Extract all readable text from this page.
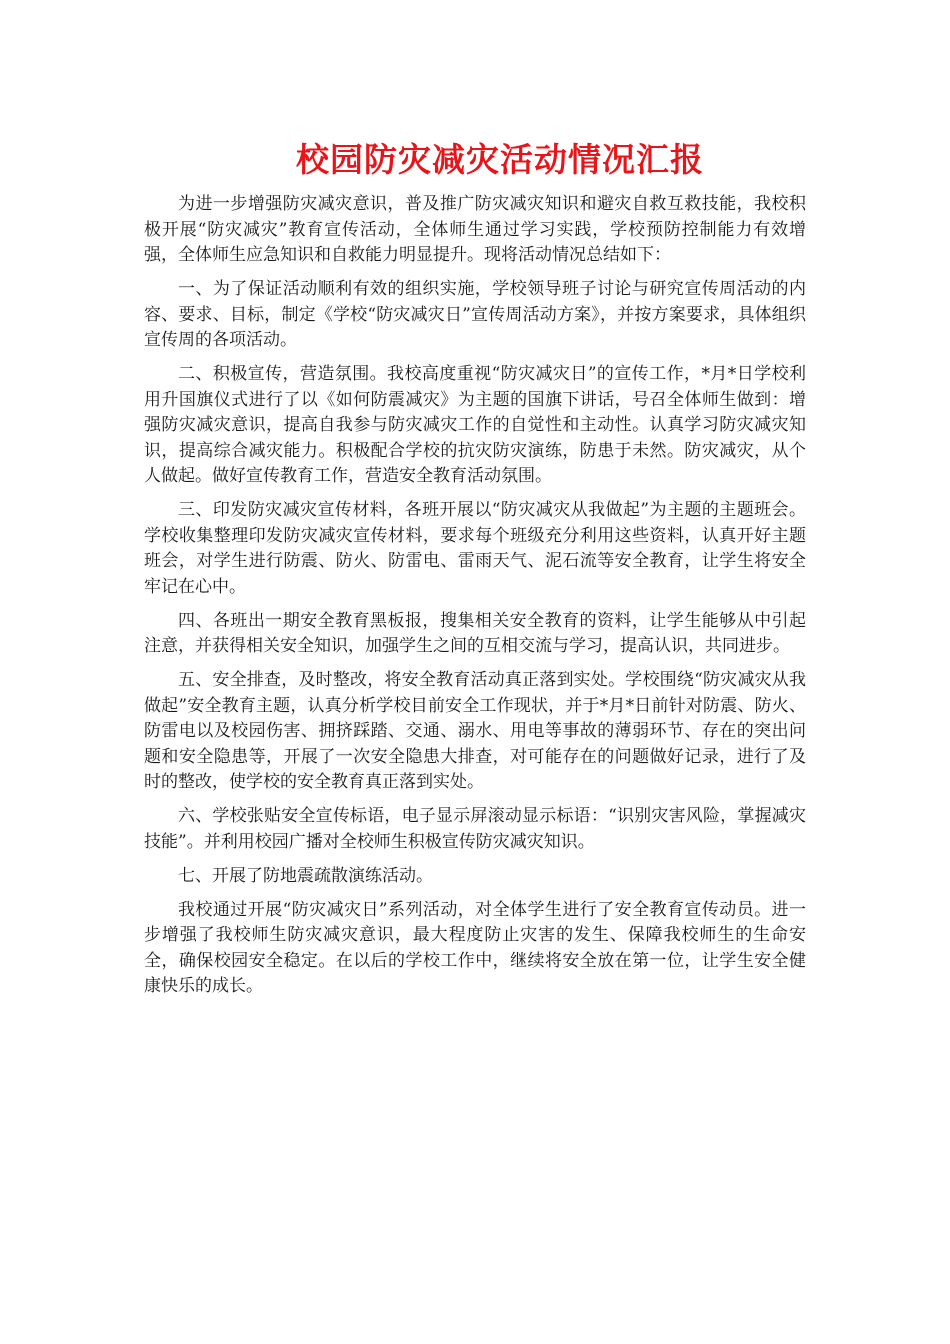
校园防灾减灾活动情况汇报

为进一步增强防灾减灾意识，普及推广防灾减灾知识和避灾自救互救技能，我校积极开展“防灾减灾”教育宣传活动，全体师生通过学习实践，学校预防控制能力有效增强，全体师生应急知识和自救能力明显提升。现将活动情况总结如下：

一、为了保证活动顺利有效的组织实施，学校领导班子讨论与研究宣传周活动的内容、要求、目标，制定《学校“防灾减灾日”宣传周活动方案》，并按方案要求，具体组织宣传周的各项活动。

二、积极宣传，营造氛围。我校高度重视“防灾减灾日”的宣传工作，*月*日学校利用升国旗仪式进行了以《如何防震减灾》为主题的国旗下讲话，号召全体师生做到：增强防灾减灾意识，提高自我参与防灾减灾工作的自觉性和主动性。认真学习防灾减灾知识，提高综合减灾能力。积极配合学校的抗灾防灾演练，防患于未然。防灾减灾，从个人做起。做好宣传教育工作，营造安全教育活动氛围。

三、印发防灾减灾宣传材料，各班开展以“防灾减灾从我做起”为主题的主题班会。学校收集整理印发防灾减灾宣传材料，要求每个班级充分利用这些资料，认真开好主题班会，对学生进行防震、防火、防雷电、雷雨天气、泥石流等安全教育，让学生将安全牢记在心中。

四、各班出一期安全教育黑板报，搜集相关安全教育的资料，让学生能够从中引起注意，并获得相关安全知识，加强学生之间的互相交流与学习，提高认识，共同进步。

五、安全排查，及时整改，将安全教育活动真正落到实处。学校围绕“防灾减灾从我做起”安全教育主题，认真分析学校目前安全工作现状，并于*月*日前针对防震、防火、防雷电以及校园伤害、拥挤踩踏、交通、溺水、用电等事故的薄弱环节、存在的突出问题和安全隐患等，开展了一次安全隐患大排查，对可能存在的问题做好记录，进行了及时的整改，使学校的安全教育真正落到实处。

六、学校张贴安全宣传标语，电子显示屏滚动显示标语：“识别灾害风险，掌握减灾技能”。并利用校园广播对全校师生积极宣传防灾减灾知识。

七、开展了防地震疏散演练活动。

我校通过开展“防灾减灾日”系列活动，对全体学生进行了安全教育宣传动员。进一步增强了我校师生防灾减灾意识，最大程度防止灾害的发生、保障我校师生的生命安全，确保校园安全稳定。在以后的学校工作中，继续将安全放在第一位，让学生安全健康快乐的成长。
